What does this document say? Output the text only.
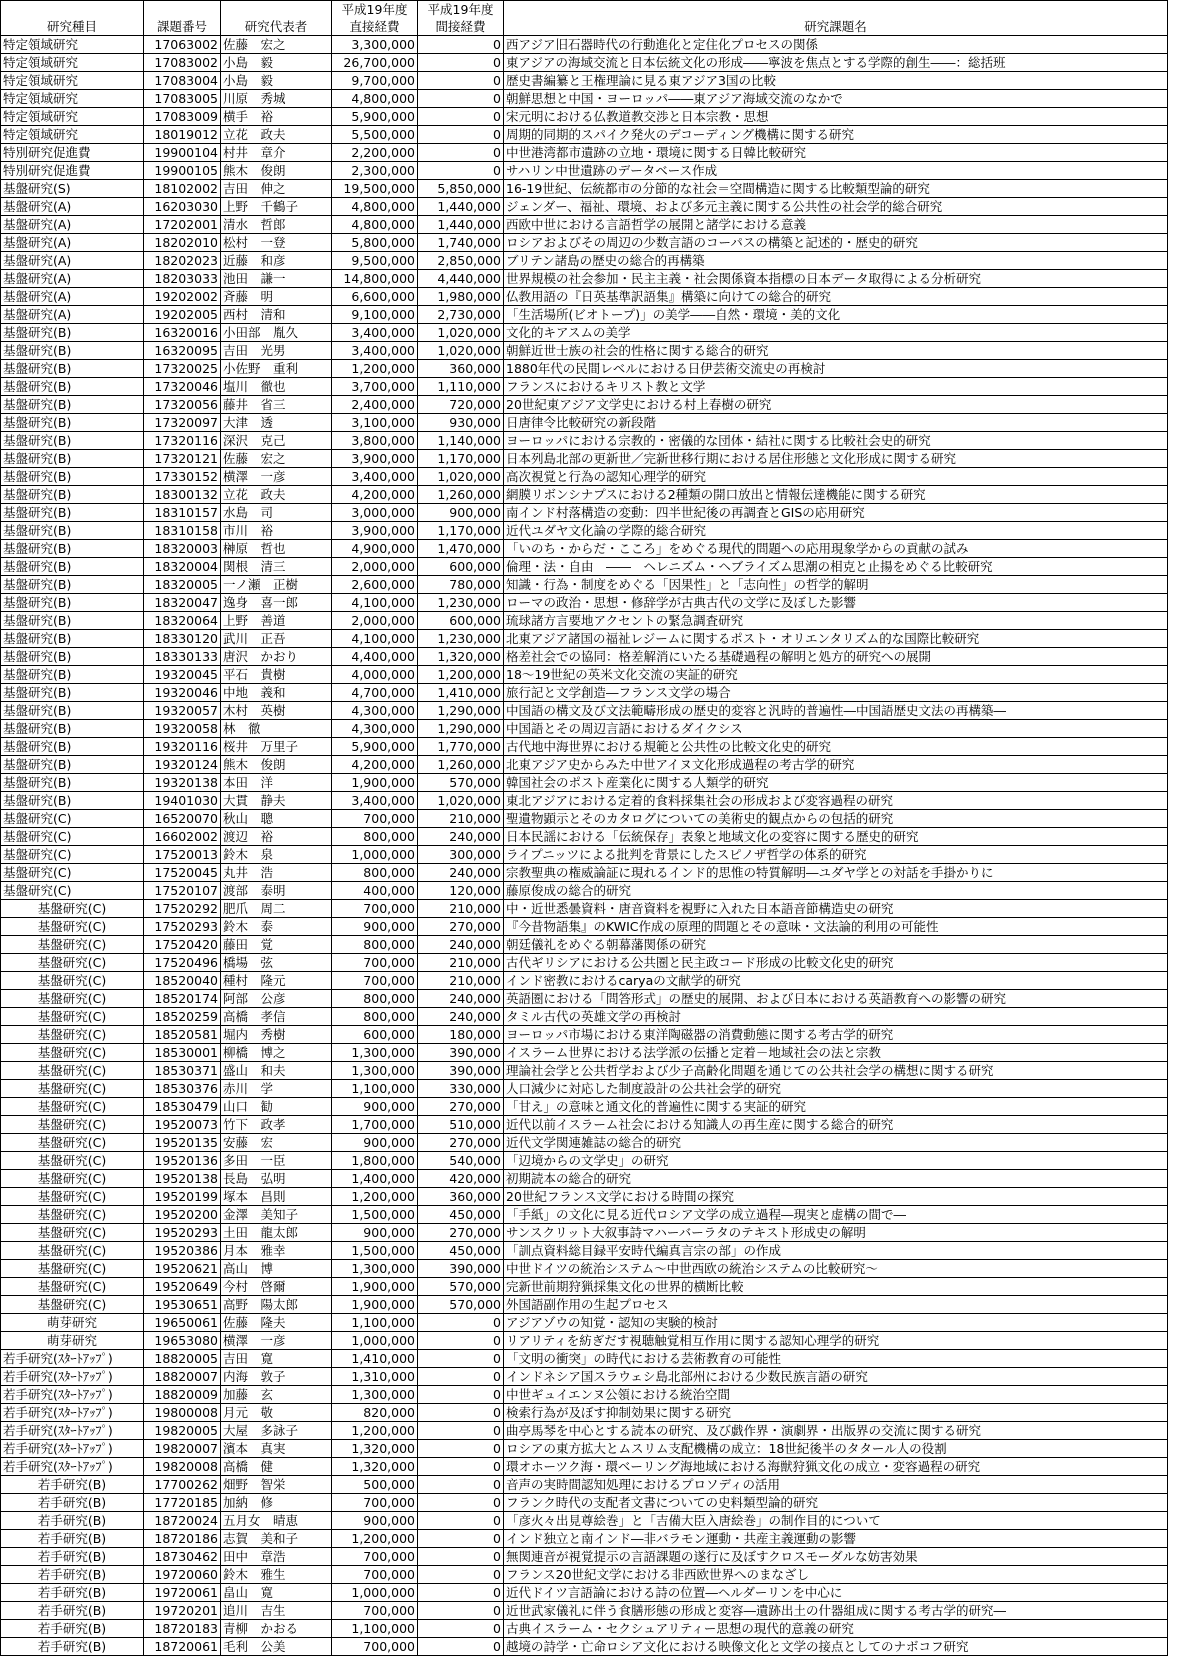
			平成19年度	平成19年度	
研究種目	課題番号	研究代表者	直接経費	間接経費	研究課題名
特定領域研究	17063002	佐藤　宏之	3,300,000	0	西アジア旧石器時代の行動進化と定住化プロセスの関係
特定領域研究	17083002	小島　毅	26,700,000	0	東アジアの海域交流と日本伝統文化の形成――寧波を焦点とする学際的創生――：総括班
特定領域研究	17083004	小島　毅	9,700,000	0	歴史書編纂と王権理論に見る東アジア3国の比較
特定領域研究	17083005	川原　秀城	4,800,000	0	朝鮮思想と中国・ヨーロッパ――東アジア海域交流のなかで
特定領域研究	17083009	横手　裕	5,900,000	0	宋元明における仏教道教交渉と日本宗教・思想
特定領域研究	18019012	立花　政夫	5,500,000	0	周期的同期的スパイク発火のデコーディング機構に関する研究
特別研究促進費	19900104	村井　章介	2,200,000	0	中世港湾都市遺跡の立地・環境に関する日韓比較研究
特別研究促進費	19900105	熊木　俊朗	2,300,000	0	サハリン中世遺跡のデータベース作成
基盤研究(S)	18102002	吉田　伸之	19,500,000	5,850,000	16-19世紀、伝統都市の分節的な社会＝空間構造に関する比較類型論的研究
基盤研究(A)	16203030	上野　千鶴子	4,800,000	1,440,000	ジェンダー、福祉、環境、および多元主義に関する公共性の社会学的総合研究
基盤研究(A)	17202001	清水　哲郎	4,800,000	1,440,000	西欧中世における言語哲学の展開と諸学における意義
基盤研究(A)	18202010	松村　一登	5,800,000	1,740,000	ロシアおよびその周辺の少数言語のコーパスの構築と記述的・歴史的研究
基盤研究(A)	18202023	近藤　和彦	9,500,000	2,850,000	ブリテン諸島の歴史の総合的再構築
基盤研究(A)	18203033	池田　謙一	14,800,000	4,440,000	世界規模の社会参加・民主主義・社会関係資本指標の日本データ取得による分析研究
基盤研究(A)	19202002	斉藤　明	6,600,000	1,980,000	仏教用語の『日英基準訳語集』構築に向けての総合的研究
基盤研究(A)	19202005	西村　清和	9,100,000	2,730,000	「生活場所(ビオトープ)」の美学――自然・環境・美的文化
基盤研究(B)	16320016	小田部　胤久	3,400,000	1,020,000	文化的キアスムの美学
基盤研究(B)	16320095	吉田　光男	3,400,000	1,020,000	朝鮮近世士族の社会的性格に関する総合的研究
基盤研究(B)	17320025	小佐野　重利	1,200,000	360,000	1880年代の民間レベルにおける日伊芸術交流史の再検討
基盤研究(B)	17320046	塩川　徹也	3,700,000	1,110,000	フランスにおけるキリスト教と文学
基盤研究(B)	17320056	藤井　省三	2,400,000	720,000	20世紀東アジア文学史における村上春樹の研究
基盤研究(B)	17320097	大津　透	3,100,000	930,000	日唐律令比較研究の新段階
基盤研究(B)	17320116	深沢　克己	3,800,000	1,140,000	ヨーロッパにおける宗教的・密儀的な団体・結社に関する比較社会史的研究
基盤研究(B)	17320121	佐藤　宏之	3,900,000	1,170,000	日本列島北部の更新世／完新世移行期における居住形態と文化形成に関する研究
基盤研究(B)	17330152	横澤　一彦	3,400,000	1,020,000	高次視覚と行為の認知心理学的研究
基盤研究(B)	18300132	立花　政夫	4,200,000	1,260,000	網膜リボンシナプスにおける2種類の開口放出と情報伝達機能に関する研究
基盤研究(B)	18310157	水島　司	3,000,000	900,000	南インド村落構造の変動：四半世紀後の再調査とGISの応用研究
基盤研究(B)	18310158	市川　裕	3,900,000	1,170,000	近代ユダヤ文化論の学際的総合研究
基盤研究(B)	18320003	榊原　哲也	4,900,000	1,470,000	「いのち・からだ・こころ」をめぐる現代的問題への応用現象学からの貢献の試み
基盤研究(B)	18320004	関根　清三	2,000,000	600,000	倫理・法・自由　――　ヘレニズム・ヘブライズム思潮の相克と止揚をめぐる比較研究
基盤研究(B)	18320005	一ノ瀬　正樹	2,600,000	780,000	知識・行為・制度をめぐる「因果性」と「志向性」の哲学的解明
基盤研究(B)	18320047	逸身　喜一郎	4,100,000	1,230,000	ローマの政治・思想・修辞学が古典古代の文学に及ぼした影響
基盤研究(B)	18320064	上野　善道	2,000,000	600,000	琉球諸方言要地アクセントの緊急調査研究
基盤研究(B)	18330120	武川　正吾	4,100,000	1,230,000	北東アジア諸国の福祉レジームに関するポスト・オリエンタリズム的な国際比較研究
基盤研究(B)	18330133	唐沢　かおり	4,400,000	1,320,000	格差社会での協同：格差解消にいたる基礎過程の解明と処方的研究への展開
基盤研究(B)	19320045	平石　貴樹	4,000,000	1,200,000	18～19世紀の英米文化交流の実証的研究
基盤研究(B)	19320046	中地　義和	4,700,000	1,410,000	旅行記と文学創造―フランス文学の場合
基盤研究(B)	19320057	木村　英樹	4,300,000	1,290,000	中国語の構文及び文法範疇形成の歴史的変容と汎時的普遍性―中国語歴史文法の再構築―
基盤研究(B)	19320058	林　徹	4,300,000	1,290,000	中国語とその周辺言語におけるダイクシス
基盤研究(B)	19320116	桜井　万里子	5,900,000	1,770,000	古代地中海世界における規範と公共性の比較文化史的研究
基盤研究(B)	19320124	熊木　俊朗	4,200,000	1,260,000	北東アジア史からみた中世アイヌ文化形成過程の考古学的研究
基盤研究(B)	19320138	本田　洋	1,900,000	570,000	韓国社会のポスト産業化に関する人類学的研究
基盤研究(B)	19401030	大貫　静夫	3,400,000	1,020,000	東北アジアにおける定着的食料採集社会の形成および変容過程の研究
基盤研究(C)	16520070	秋山　聰	700,000	210,000	聖遺物顕示とそのカタログについての美術史的観点からの包括的研究
基盤研究(C)	16602002	渡辺　裕	800,000	240,000	日本民謡における「伝統保存」表象と地域文化の変容に関する歴史的研究
基盤研究(C)	17520013	鈴木　泉	1,000,000	300,000	ライプニッツによる批判を背景にしたスピノザ哲学の体系的研究
基盤研究(C)	17520045	丸井　浩	800,000	240,000	宗教聖典の権威論証に現れるインド的思惟の特質解明―ユダヤ学との対話を手掛かりに
基盤研究(C)	17520107	渡部　泰明	400,000	120,000	藤原俊成の総合的研究
基盤研究(C)	17520292	肥爪　周二	700,000	210,000	中・近世悉曇資料・唐音資料を視野に入れた日本語音節構造史の研究
基盤研究(C)	17520293	鈴木　泰	900,000	270,000	『今昔物語集』のKWIC作成の原理的問題とその意味・文法論的利用の可能性
基盤研究(C)	17520420	藤田　覚	800,000	240,000	朝廷儀礼をめぐる朝幕藩関係の研究
基盤研究(C)	17520496	橋場　弦	700,000	210,000	古代ギリシアにおける公共圏と民主政コード形成の比較文化史的研究
基盤研究(C)	18520040	種村　隆元	700,000	210,000	インド密教におけるcaryaの文献学的研究
基盤研究(C)	18520174	阿部　公彦	800,000	240,000	英語圏における「問答形式」の歴史的展開、および日本における英語教育への影響の研究
基盤研究(C)	18520259	高橋　孝信	800,000	240,000	タミル古代の英雄文学の再検討
基盤研究(C)	18520581	堀内　秀樹	600,000	180,000	ヨーロッパ市場における東洋陶磁器の消費動態に関する考古学的研究
基盤研究(C)	18530001	柳橋　博之	1,300,000	390,000	イスラーム世界における法学派の伝播と定着－地域社会の法と宗教
基盤研究(C)	18530371	盛山　和夫	1,300,000	390,000	理論社会学と公共哲学および少子高齢化問題を通じての公共社会学の構想に関する研究
基盤研究(C)	18530376	赤川　学	1,100,000	330,000	人口減少に対応した制度設計の公共社会学的研究
基盤研究(C)	18530479	山口　勧	900,000	270,000	「甘え」の意味と通文化的普遍性に関する実証的研究
基盤研究(C)	19520073	竹下　政孝	1,700,000	510,000	近代以前イスラーム社会における知識人の再生産に関する総合的研究
基盤研究(C)	19520135	安藤　宏	900,000	270,000	近代文学関連雑誌の総合的研究
基盤研究(C)	19520136	多田　一臣	1,800,000	540,000	「辺境からの文学史」の研究
基盤研究(C)	19520138	長島　弘明	1,400,000	420,000	初期読本の総合的研究
基盤研究(C)	19520199	塚本　昌則	1,200,000	360,000	20世紀フランス文学における時間の探究
基盤研究(C)	19520200	金澤　美知子	1,500,000	450,000	「手紙」の文化に見る近代ロシア文学の成立過程―現実と虚構の間で―
基盤研究(C)	19520293	土田　龍太郎	900,000	270,000	サンスクリット大叙事詩マハーバーラタのテキスト形成史の解明
基盤研究(C)	19520386	月本　雅幸	1,500,000	450,000	「訓点資料総目録平安時代編真言宗の部」の作成
基盤研究(C)	19520621	高山　博	1,300,000	390,000	中世ドイツの統治システム～中世西欧の統治システムの比較研究～
基盤研究(C)	19520649	今村　啓爾	1,900,000	570,000	完新世前期狩猟採集文化の世界的横断比較
基盤研究(C)	19530651	高野　陽太郎	1,900,000	570,000	外国語副作用の生起プロセス
萌芽研究	19650061	佐藤　隆夫	1,100,000	0	アジアゾウの知覚・認知の実験的検討
萌芽研究	19653080	横澤　一彦	1,000,000	0	リアリティを紡ぎだす視聴触覚相互作用に関する認知心理学的研究
若手研究(ｽﾀｰﾄｱｯﾌﾟ)	18820005	吉田　寛	1,410,000	0	「文明の衝突」の時代における芸術教育の可能性
若手研究(ｽﾀｰﾄｱｯﾌﾟ)	18820007	内海　敦子	1,310,000	0	インドネシア国スラウェシ島北部州における少数民族言語の研究
若手研究(ｽﾀｰﾄｱｯﾌﾟ)	18820009	加藤　玄	1,300,000	0	中世ギュイエンヌ公領における統治空間
若手研究(ｽﾀｰﾄｱｯﾌﾟ)	19800008	月元　敬	820,000	0	検索行為が及ぼす抑制効果に関する研究
若手研究(ｽﾀｰﾄｱｯﾌﾟ)	19820005	大屋　多詠子	1,200,000	0	曲亭馬琴を中心とする読本の研究、及び戯作界・演劇界・出版界の交流に関する研究
若手研究(ｽﾀｰﾄｱｯﾌﾟ)	19820007	濱本　真実	1,320,000	0	ロシアの東方拡大とムスリム支配機構の成立：18世紀後半のタタール人の役割
若手研究(ｽﾀｰﾄｱｯﾌﾟ)	19820008	高橋　健	1,320,000	0	環オホーツク海・環ベーリング海地域における海獣狩猟文化の成立・変容過程の研究
若手研究(B)	17700262	畑野　智栄	500,000	0	音声の実時間認知処理におけるプロソディの活用
若手研究(B)	17720185	加納　修	700,000	0	フランク時代の支配者文書についての史料類型論的研究
若手研究(B)	18720024	五月女　晴恵	900,000	0	「彦火々出見尊絵巻」と「吉備大臣入唐絵巻」の制作目的について
若手研究(B)	18720186	志賀　美和子	1,200,000	0	インド独立と南インド―非バラモン運動・共産主義運動の影響
若手研究(B)	18730462	田中　章浩	700,000	0	無関連音が視覚提示の言語課題の遂行に及ぼすクロスモーダルな妨害効果
若手研究(B)	19720060	鈴木　雅生	700,000	0	フランス20世紀文学における非西欧世界へのまなざし
若手研究(B)	19720061	畠山　寛	1,000,000	0	近代ドイツ言語論における詩の位置―ヘルダーリンを中心に
若手研究(B)	19720201	追川　吉生	700,000	0	近世武家儀礼に伴う食膳形態の形成と変容―遺跡出土の什器組成に関する考古学的研究―
若手研究(B)	18720183	青柳　かおる	1,100,000	0	古典イスラーム・セクシュアリティー思想の現代的意義の研究
若手研究(B)	18720061	毛利　公美	700,000	0	越境の詩学・亡命ロシア文化における映像文化と文学の接点としてのナボコフ研究
